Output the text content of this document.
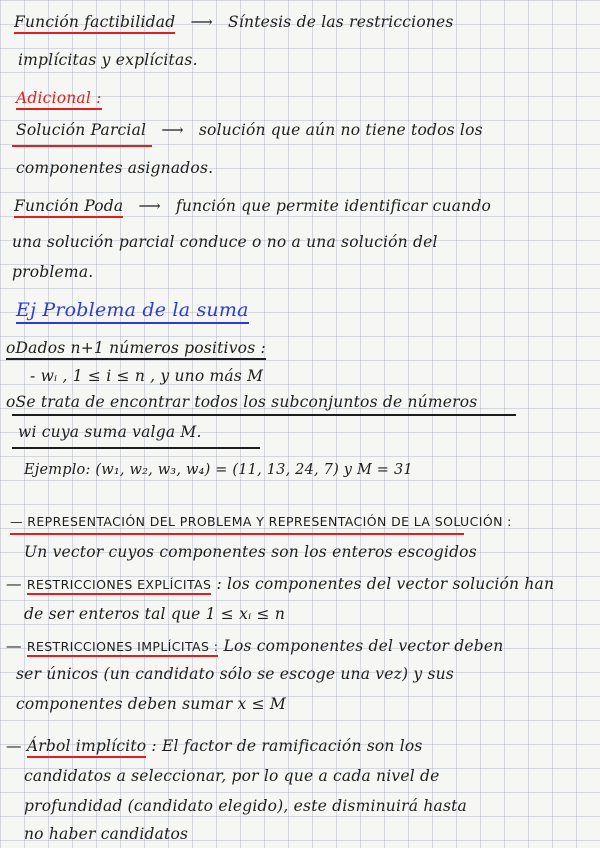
Función factibilidad ⟶ Síntesis de las restricciones
implícitas y explícitas.
Adicional :
Solución Parcial ⟶ solución que aún no tiene todos los
componentes asignados.
Función Poda ⟶ función que permite identificar cuando
una solución parcial conduce o no a una solución del
problema.
Ej Problema de la suma
oDados n+1 números positivos :
- wᵢ , 1 ≤ i ≤ n , y uno más M
oSe trata de encontrar todos los subconjuntos de números
wi cuya suma valga M.
Ejemplo: (w₁, w₂, w₃, w₄) = (11, 13, 24, 7) y M = 31
— REPRESENTACIÓN DEL PROBLEMA Y REPRESENTACIÓN DE LA SOLUCIÓN :
Un vector cuyos componentes son los enteros escogidos
— RESTRICCIONES EXPLÍCITAS : los componentes del vector solución han
de ser enteros tal que 1 ≤ xᵢ ≤ n
— RESTRICCIONES IMPLÍCITAS : Los componentes del vector deben
ser únicos (un candidato sólo se escoge una vez) y sus
componentes deben sumar x ≤ M
— Árbol implícito : El factor de ramificación son los
candidatos a seleccionar, por lo que a cada nivel de
profundidad (candidato elegido), este disminuirá hasta
no haber candidatos
